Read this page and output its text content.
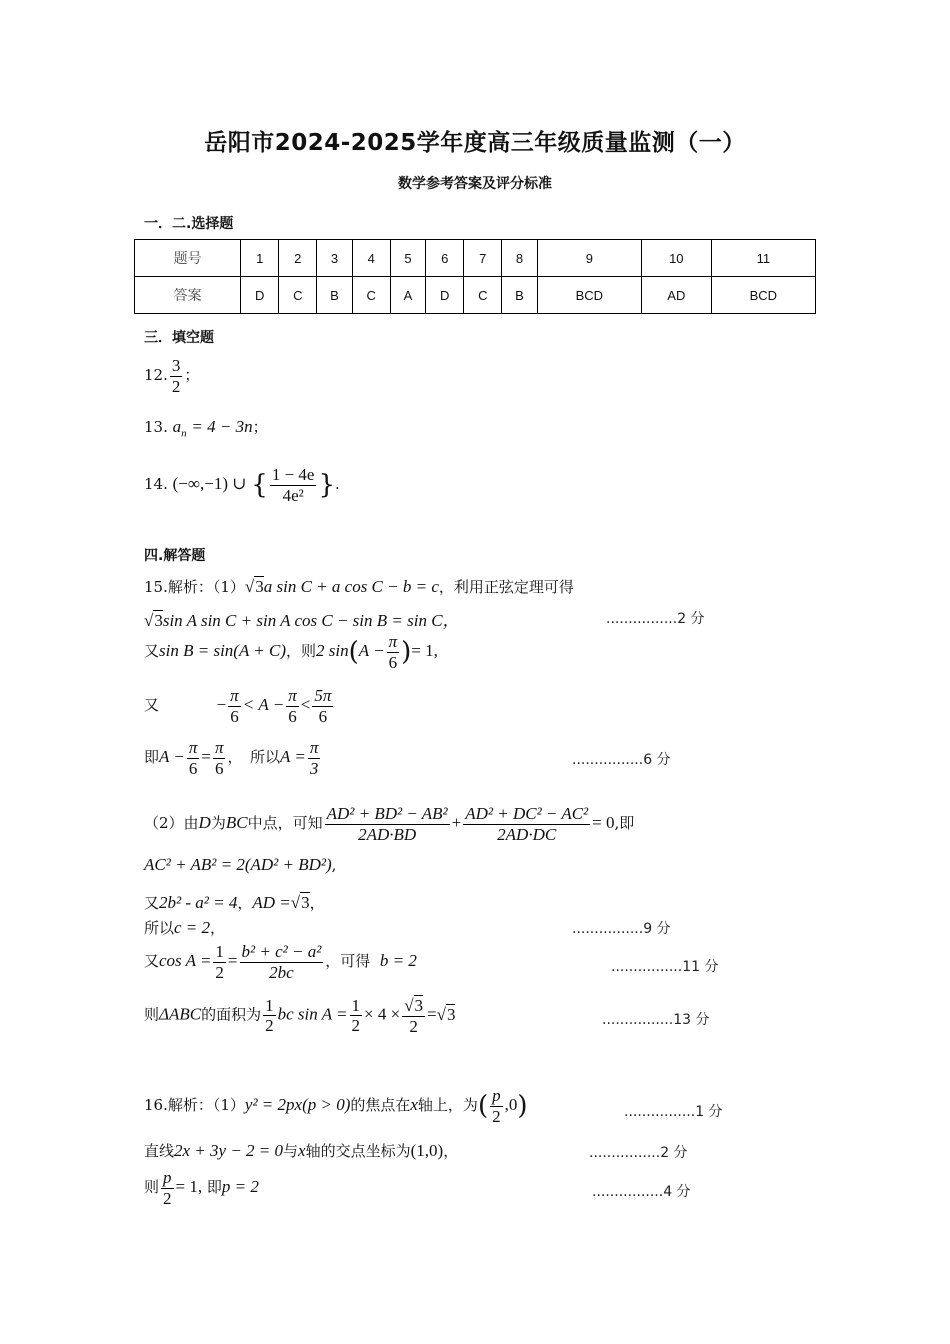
岳阳市2024-2025学年度高三年级质量监测（一）
数学参考答案及评分标准
一．二.选择题
题号	1	2	3	4	5	6	7	8	9	10	11
答案	D	C	B	C	A	D	C	B	BCD	AD	BCD
三．填空题
12. $\frac{3}{2}$ ；
13. $a_n = 4 - 3n$；
14. (−∞,−1) ∪ { $\frac{1 - 4e}{\text{4e²}}$ }.
四.解答题
15.解析：（1）√3a sin C + a cos C − b = c，利用正弦定理可得
√3sin A sin C + sin A cos C − sin B = sin C，	................2 分
又sin B = sin(A + C)，则2 $\sin(A - \frac{\pi}{6}$ )= 1,
又	− $\frac{\pi}{6} < A - \frac{\pi}{6} < \frac{5\pi}{6}$
即$A - \frac{\pi}{6} = \frac{\pi}{6}$ ，　所以$A = \frac{\pi}{3}$	................6 分
（2）由D为BC中点，可知 $\frac{\text{AD² + BD² − AB²}}{2AD\cdot BD} + \frac{\text{AD² + DC² − AC²}}{2AD\cdot DC} = 0$,即
AC² + AB² = 2(AD² + BD²),
又2b² - a² = 4，AD =√3，
所以c = 2，	................9 分
又$\cos A = \frac{1}{2} = \frac{\text{b² + c² − a²}}{2bc}$ ，可得 b = 2	................11 分
则ΔABC的面积为 $\frac{1}{2}$ bc $\sin A = \frac{1}{2} \times 4 \times \frac{√3}{2} =√3$	................13 分
16.解析：（1）y² = 2px(p > 0)的焦点在x轴上，为( $\frac{p}{2} ,0$)	................1 分
直线2x + 3y − 2 = 0与x轴的交点坐标为(1,0)，	................2 分
则 $\frac{p}{2} = 1$, 即p = 2	................4 分
